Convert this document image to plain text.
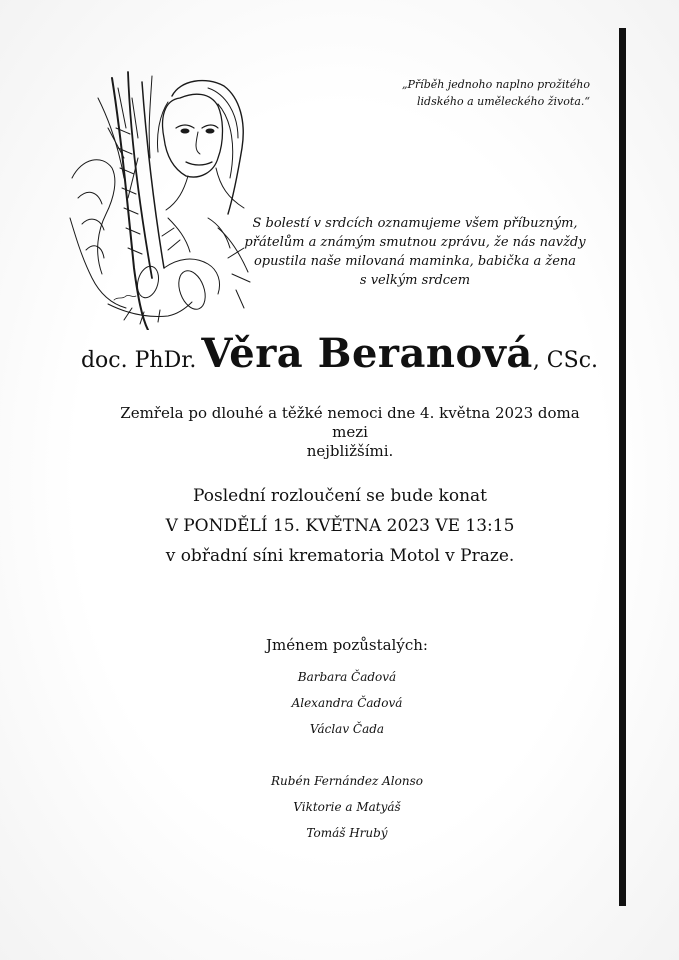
„Příběh jednoho naplno prožitého
lidského a uměleckého života.“
S bolestí v srdcích oznamujeme všem příbuzným,
přátelům a známým smutnou zprávu, že nás navždy
opustila naše milovaná maminka, babička a žena
s velkým srdcem
doc. PhDr. Věra Beranová, CSc.
Zemřela po dlouhé a těžké nemoci dne 4. května 2023 doma mezi
nejbližšími.
Poslední rozloučení se bude konat
V PONDĚLÍ 15. KVĚTNA 2023 VE 13:15
v obřadní síni krematoria Motol v Praze.
Jménem pozůstalých:
Barbara Čadová
Alexandra Čadová
Václav Čada
Rubén Fernández Alonso
Viktorie a Matyáš
Tomáš Hrubý
